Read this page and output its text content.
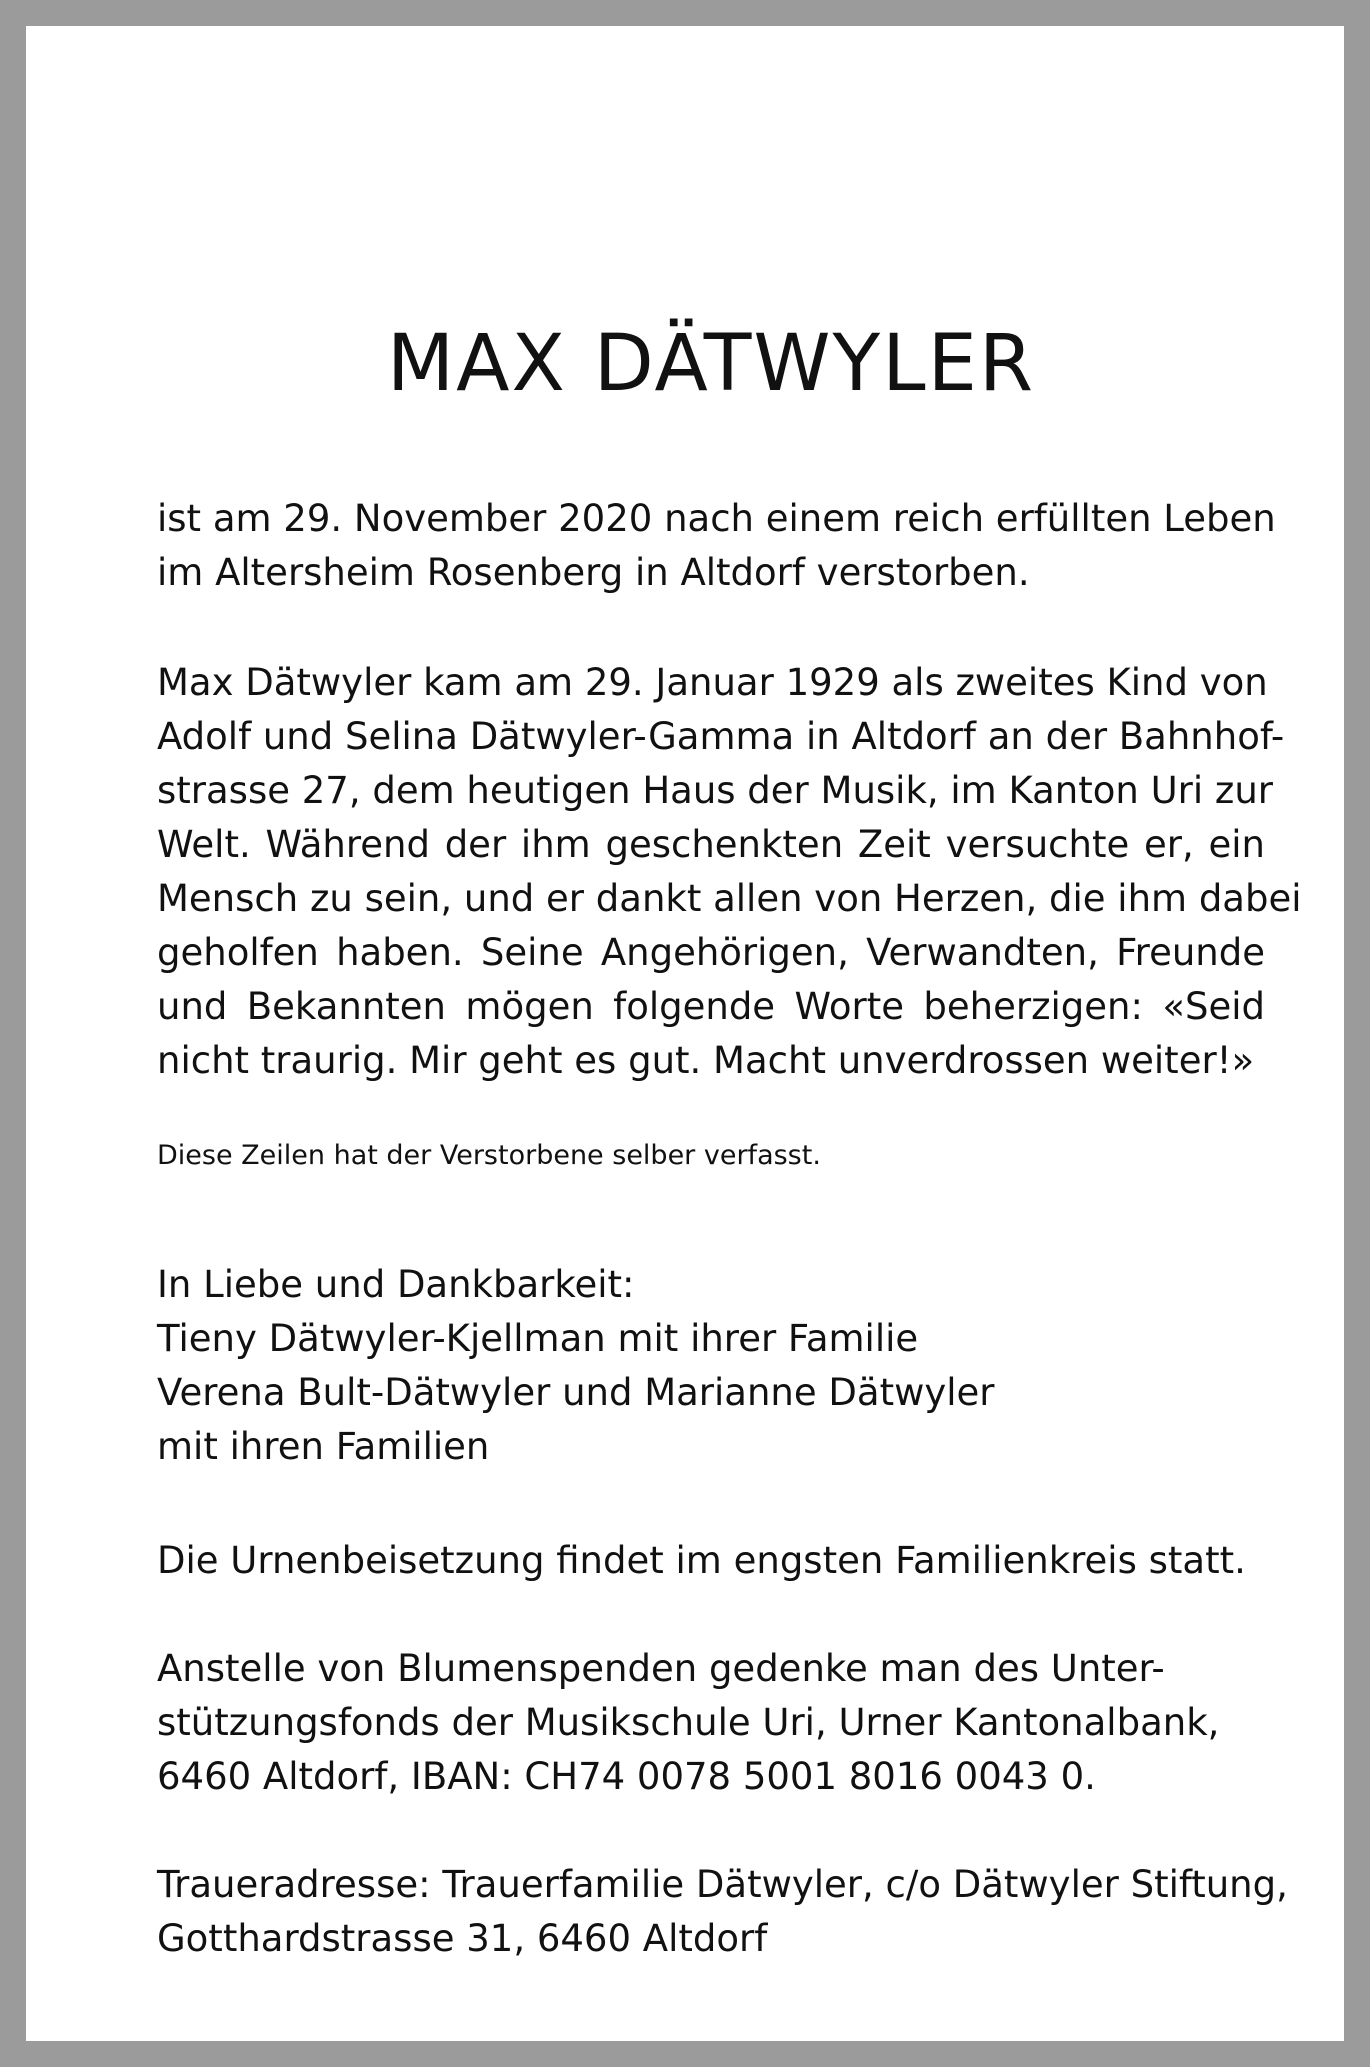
MAX DÄTWYLER

ist am 29. November 2020 nach einem reich erfüllten Leben
im Altersheim Rosenberg in Altdorf verstorben.

Max Dätwyler kam am 29. Januar 1929 als zweites Kind von
Adolf und Selina Dätwyler-Gamma in Altdorf an der Bahnhof-
strasse 27, dem heutigen Haus der Musik, im Kanton Uri zur
Welt. Während der ihm geschenkten Zeit versuchte er, ein
Mensch zu sein, und er dankt allen von Herzen, die ihm dabei
geholfen haben. Seine Angehörigen, Verwandten, Freunde
und Bekannten mögen folgende Worte beherzigen: «Seid
nicht traurig. Mir geht es gut. Macht unverdrossen weiter!»

Diese Zeilen hat der Verstorbene selber verfasst.

In Liebe und Dankbarkeit:
Tieny Dätwyler-Kjellman mit ihrer Familie
Verena Bult-Dätwyler und Marianne Dätwyler
mit ihren Familien

Die Urnenbeisetzung findet im engsten Familienkreis statt.

Anstelle von Blumenspenden gedenke man des Unter-
stützungsfonds der Musikschule Uri, Urner Kantonalbank,
6460 Altdorf, IBAN: CH74 0078 5001 8016 0043 0.

Traueradresse: Trauerfamilie Dätwyler, c/o Dätwyler Stiftung,
Gotthardstrasse 31, 6460 Altdorf
